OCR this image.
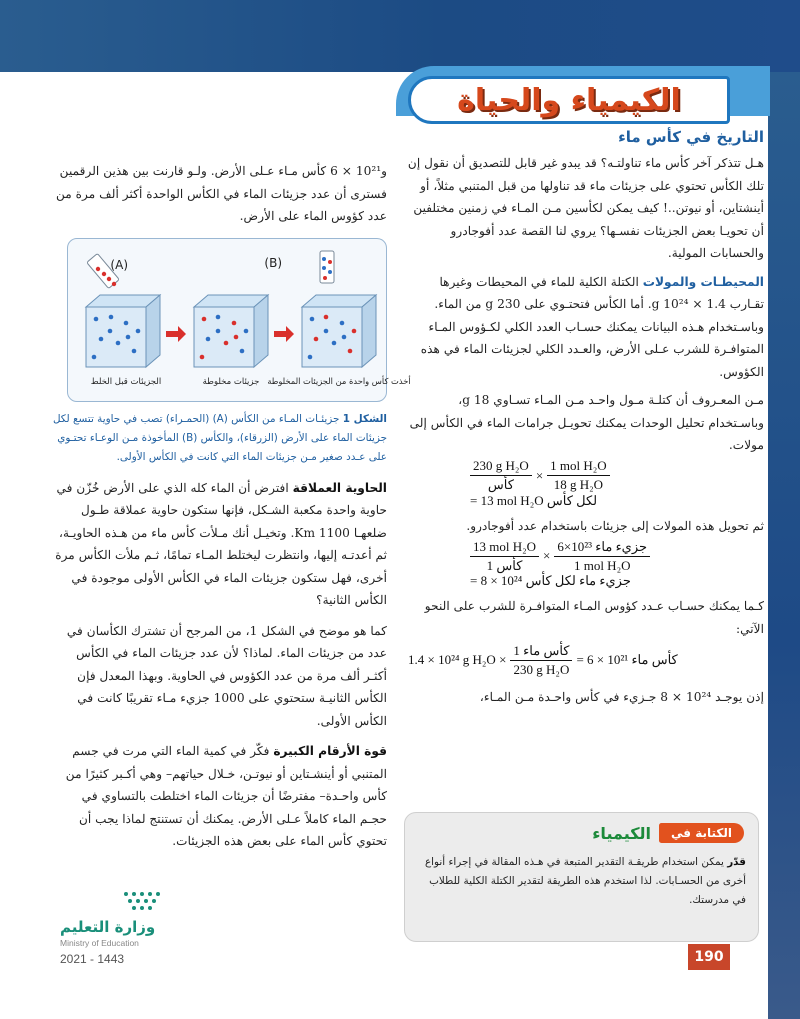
الكيمياء والحياة
التاريخ في كأس ماء

هـل تتذكر آخر كأس ماء تناولتـه؟ قد يبدو غير قابل للتصديق أن نقول إن تلك الكأس تحتوي على جزيئات ماء قد تناولها من قبل المتنبي مثلاً، أو أينشتاين، أو نيوتن..! كيف يمكن لكأسين مـن المـاء في زمنين مختلفين أن تحويـا بعض الجزيئات نفسـها؟ يروي لنا القصة عدد أفوجادرو والحسابات المولية.

المحيطـات والمولات الكتلة الكلية للماء في المحيطات وغيرها تقـارب 1.4 × 10²⁴ g. أما الكأس فتحتـوي على 230 g من الماء. وباسـتخدام هـذه البيانات يمكنك حسـاب العدد الكلي لكـؤوس المـاء المتوافـرة للشرب عـلى الأرض، والعـدد الكلي لجزيئات الماء في هذه الكؤوس.

مـن المعـروف أن كتلـة مـول واحـد مـن المـاء تسـاوي 18 g، وباسـتخدام تحليل الوحدات يمكنك تحويـل جرامات الماء في الكأس إلى مولات.

$\frac{\text{230 g H₂O}}{\text{كأس}} \times \frac{\text{1 mol H₂O}}{\text{18 g H₂O}}$
= 13 mol H₂O لكل كأس

ثم تحويل هذه المولات إلى جزيئات باستخدام عدد أفوجادرو.

$\frac{\text{13 mol H₂O}}{\text{1 كأس}} \times \frac{\text{6×10²³ جزيء ماء}}{\text{1 mol H₂O}}$
= 8 × 10²⁴ جزيء ماء لكل كأس

كـما يمكنك حسـاب عـدد كؤوس المـاء المتوافـرة للشرب على النحو الآتي:

1.4 × 10²⁴ g $H_2O \times \frac{\text{1 كأس ماء}}{\text{230 g H₂O}} = 6 \times 10^{21}$ كأس ماء

إذن يوجـد 10²⁴ × 8 جـزيء في كأس واحـدة مـن المـاء،

و10²¹ × 6 كأس مـاء عـلى الأرض. ولـو قارنت بين هذين الرقمين فسترى أن عدد جزيئات الماء في الكأس الواحدة أكثر ألف مرة من عدد كؤوس الماء على الأرض.

(A)	(B)
الجزيئات قبل الخلط	جزيئات مخلوطة أخذت كأس واحدة من الجزيئات المخلوطة

الشكل 1 جزيئـات المـاء من الكأس (A) (الحمـراء) تصب في حاوية تتسع لكل جزيئات الماء على الأرض (الزرقاء)، والكأس (B) المأخوذة مـن الوعـاء تحتـوي على عـدد صغير مـن جزيئات الماء التي كانت في الكأس الأولى.

الحاوية العملاقة افترض أن الماء كله الذي على الأرض خُزّن في حاوية واحدة مكعبة الشـكل، فإنها ستكون حاوية عملاقة طـول ضلعهـا 1100 Km. وتخيـل أنك مـلأت كأس ماء من هـذه الحاويـة، ثم أعدتـه إليها، وانتظرت ليختلط المـاء تمامًا، ثـم ملأت الكأس مرة أخرى، فهل ستكون جزيئات الماء في الكأس الأولى موجودة في الكأس الثانية؟

كما هو موضح في الشكل 1، من المرجح أن تشترك الكأسان في عدد من جزيئات الماء. لماذا؟ لأن عدد جزيئات الماء في الكأس أكثـر ألف مرة من عدد الكؤوس في الحاوية. وبهذا المعدل فإن الكأس الثانيـة ستحتوي على 1000 جزيء مـاء تقريبًا كانت في الكأس الأولى.

قوة الأرقام الكبيرة فكّر في كمية الماء التي مرت في جسم المتنبي أو أينشـتاين أو نيوتـن، خـلال حياتهم– وهي أكـبر كثيرًا من كأس واحـدة– مفترضًا أن جزيئات الماء اختلطت بالتساوي في حجـم الماء كاملاً عـلى الأرض. يمكنك أن تستنتج لماذا يجب أن تحتوي كأس الماء على بعض هذه الجزيئات.

الكتابة في
الكيمياء

قدّر يمكن استخدام طريقـة التقدير المتبعة في هـذه المقالة في إجراء أنواع أخرى من الحسـابات. لذا استخدم هذه الطريقة لتقدير الكتلة الكلية للطلاب في مدرستك.

وزارة التعليم
Ministry of Education
2021 - 1443	190
